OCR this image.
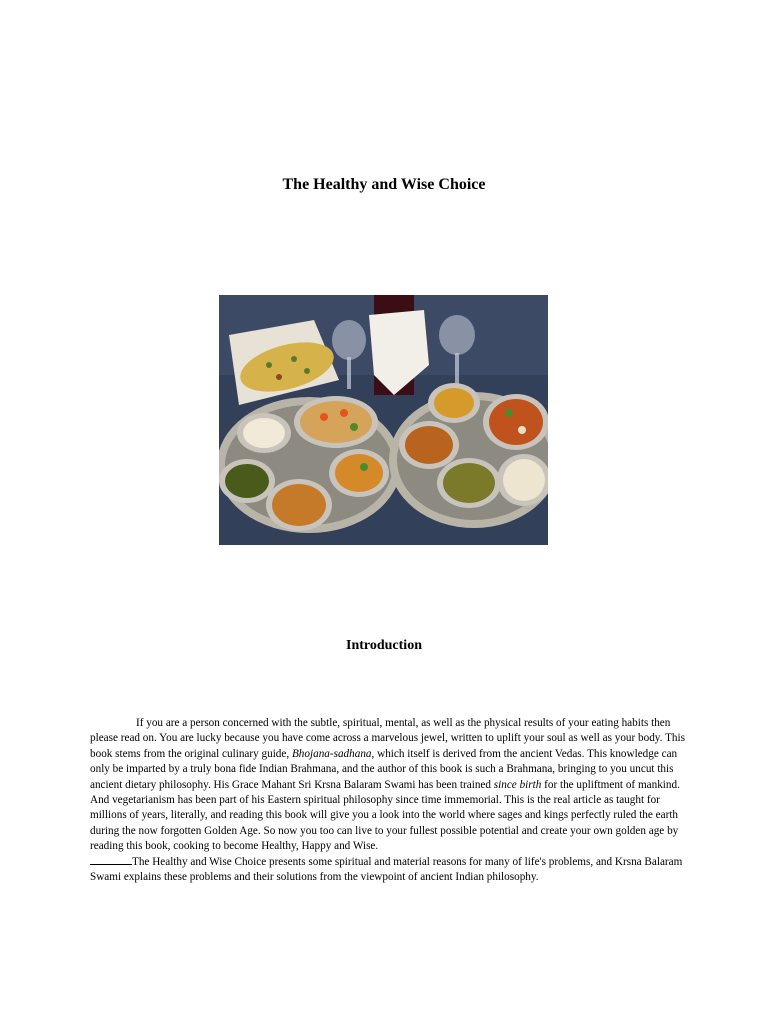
The Healthy and Wise Choice
Introduction

If you are a person concerned with the subtle, spiritual, mental, as well as the physical results of your eating habits then please read on. You are lucky because you have come across a marvelous jewel, written to uplift your soul as well as your body. This book stems from the original culinary guide, Bhojana-sadhana, which itself is derived from the ancient Vedas. This knowledge can only be imparted by a truly bona fide Indian Brahmana, and the author of this book is such a Brahmana, bringing to you uncut this ancient dietary philosophy. His Grace Mahant Sri Krsna Balaram Swami has been trained since birth for the upliftment of mankind. And vegetarianism has been part of his Eastern spiritual philosophy since time immemorial. This is the real article as taught for millions of years, literally, and reading this book will give you a look into the world where sages and kings perfectly ruled the earth during the now forgotten Golden Age. So now you too can live to your fullest possible potential and create your own golden age by reading this book, cooking to become Healthy, Happy and Wise.

The Healthy and Wise Choice presents some spiritual and material reasons for many of life's problems, and Krsna Balaram Swami explains these problems and their solutions from the viewpoint of ancient Indian philosophy.
